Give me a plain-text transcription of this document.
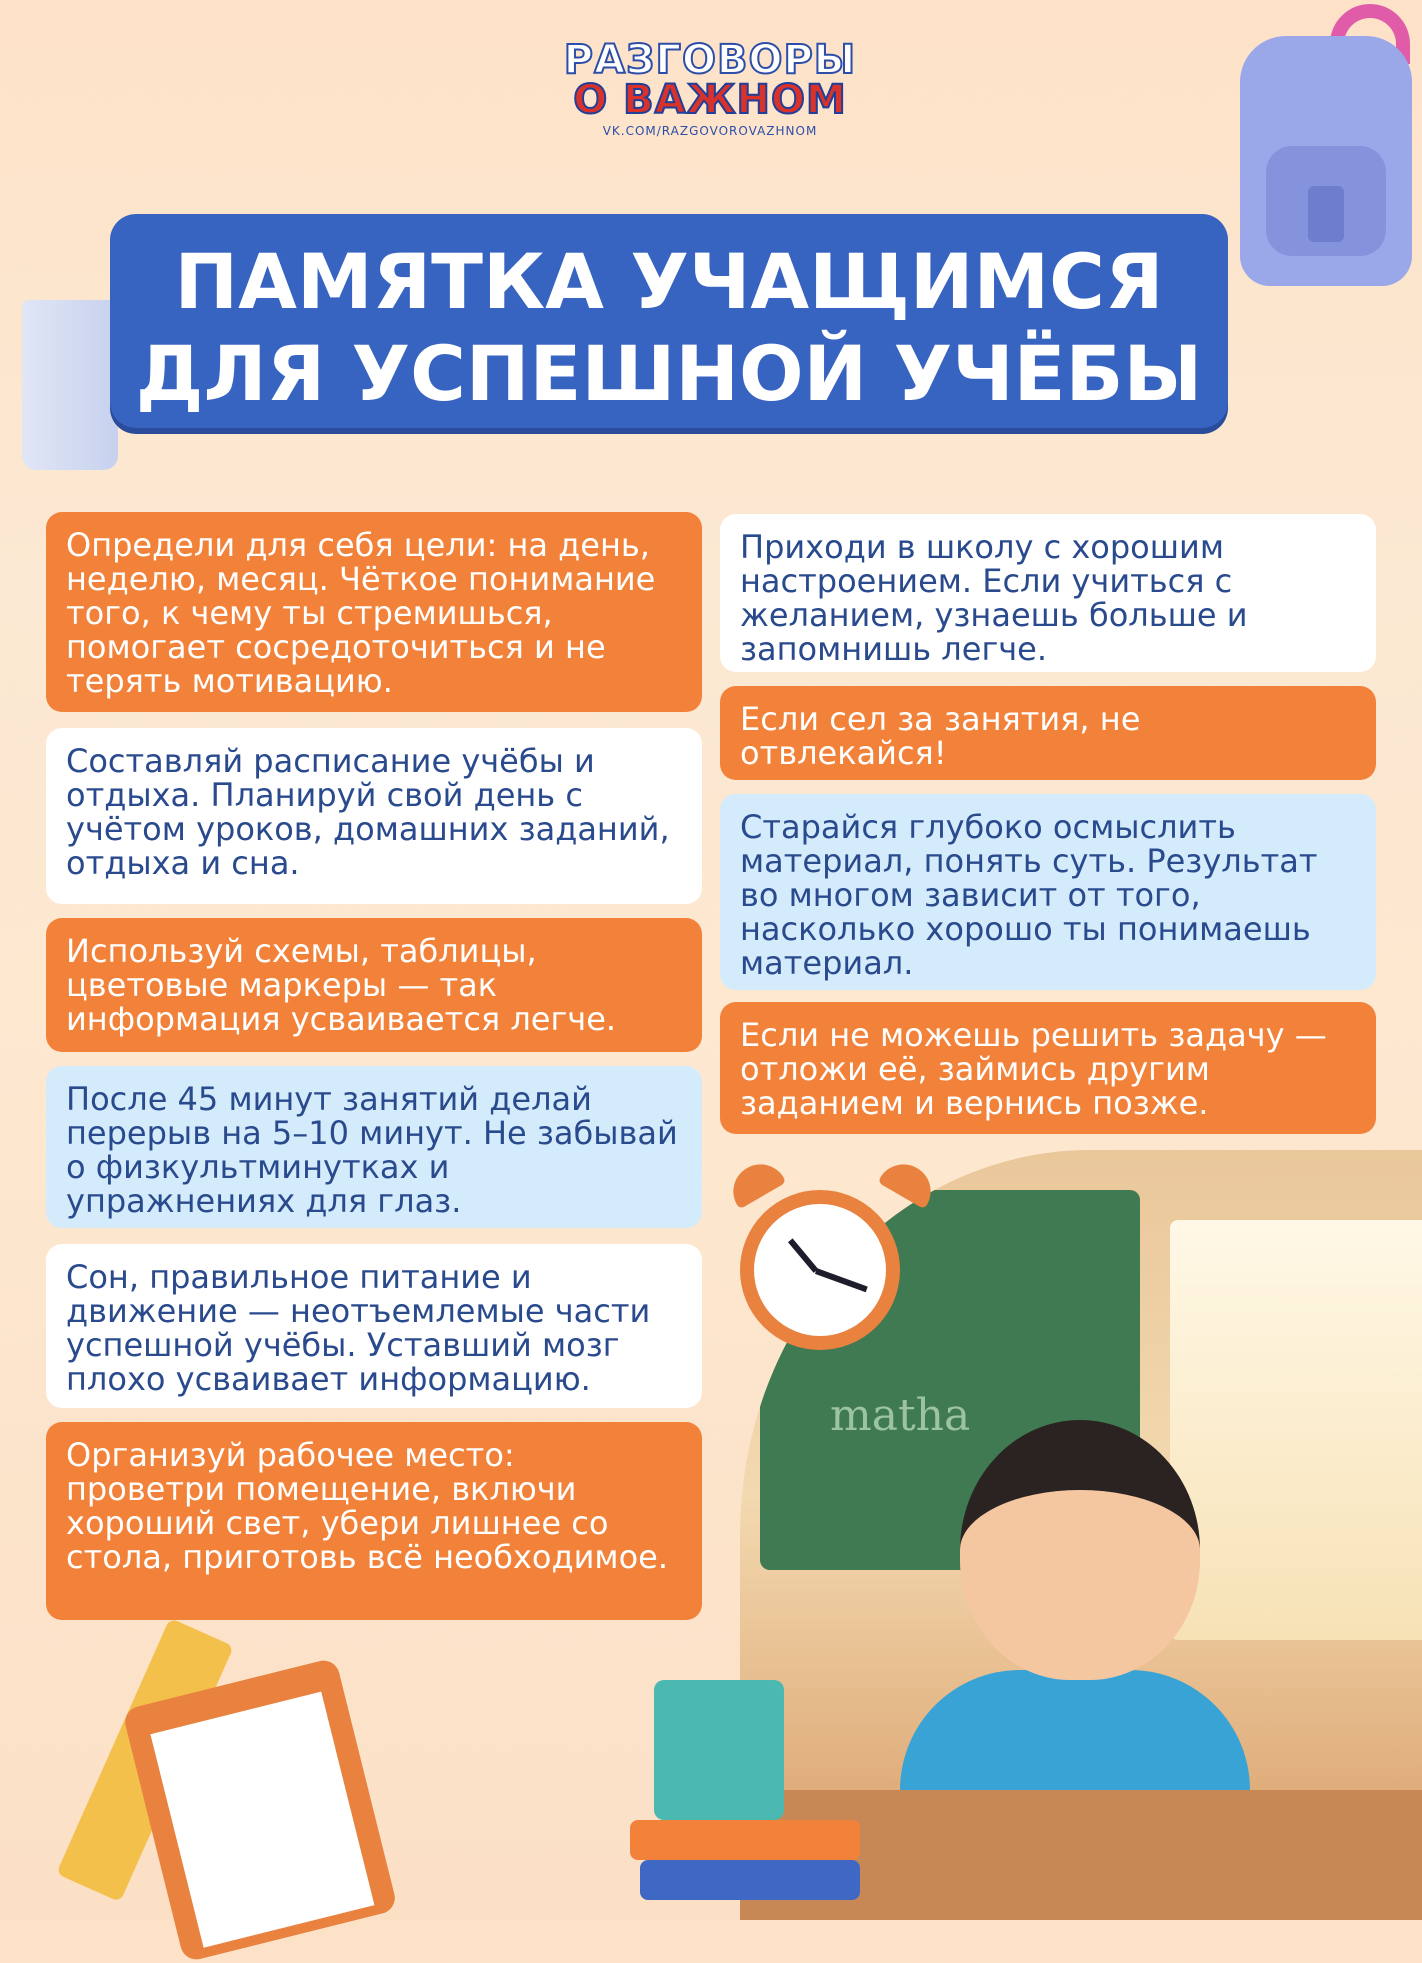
РАЗГОВОРЫ
О ВАЖНОМ
VK.COM/RAZGOVOROVAZHNOM
ПАМЯТКА УЧАЩИМСЯ
ДЛЯ УСПЕШНОЙ УЧЁБЫ
Определи для себя цели: на день, неделю, месяц. Чёткое понимание того, к чему ты стремишься, помогает сосредоточиться и не терять мотивацию.
Составляй расписание учёбы и отдыха. Планируй свой день с учётом уроков, домашних заданий, отдыха и сна.
Используй схемы, таблицы, цветовые маркеры — так информация усваивается легче.
После 45 минут занятий делай перерыв на 5–10 минут. Не забывай о физкультминутках и упражнениях для глаз.
Сон, правильное питание и движение — неотъемлемые части успешной учёбы. Уставший мозг плохо усваивает информацию.
Организуй рабочее место: проветри помещение, включи хороший свет, убери лишнее со стола, приготовь всё необходимое.
Приходи в школу с хорошим настроением. Если учиться с желанием, узнаешь больше и запомнишь легче.
Если сел за занятия, не отвлекайся!
Старайся глубоко осмыслить материал, понять суть. Результат во многом зависит от того, насколько хорошо ты понимаешь материал.
Если не можешь решить задачу — отложи её, займись другим заданием и вернись позже.
matha
